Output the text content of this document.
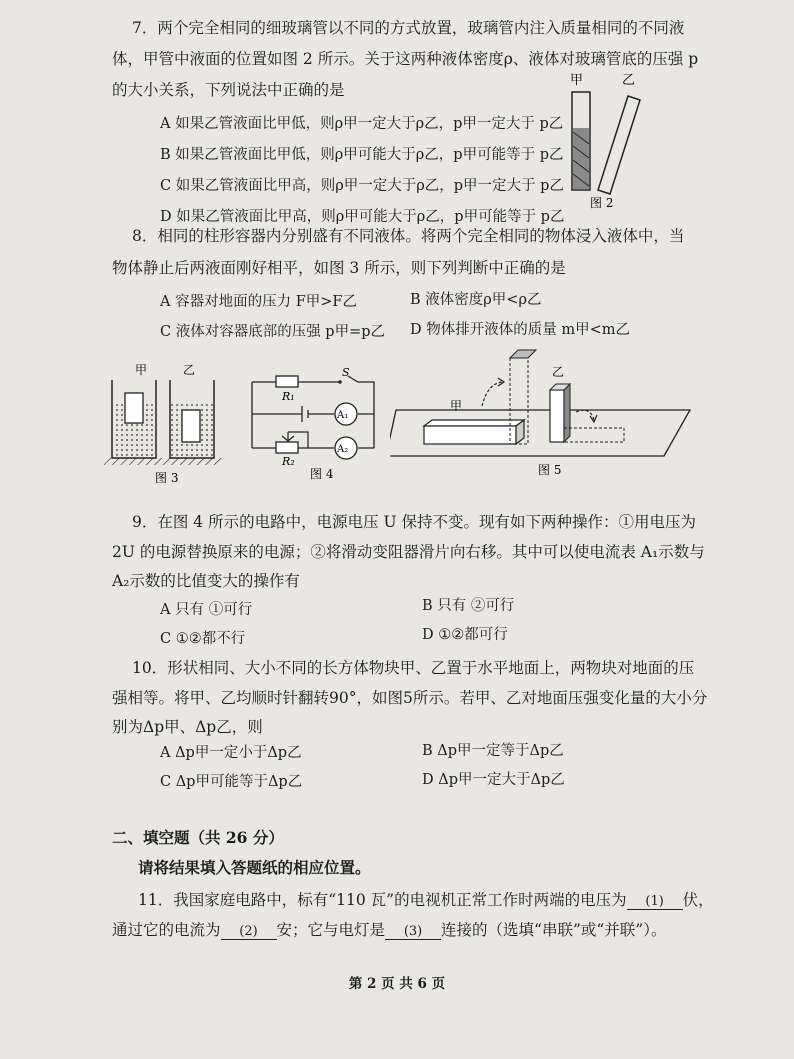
7．两个完全相同的细玻璃管以不同的方式放置，玻璃管内注入质量相同的不同液
体，甲管中液面的位置如图 2 所示。关于这两种液体密度ρ、液体对玻璃管底的压强 p
的大小关系，下列说法中正确的是
A 如果乙管液面比甲低，则ρ甲一定大于ρ乙，p甲一定大于 p乙
B 如果乙管液面比甲低，则ρ甲可能大于ρ乙，p甲可能等于 p乙
C 如果乙管液面比甲高，则ρ甲一定大于ρ乙，p甲一定大于 p乙
D 如果乙管液面比甲高，则ρ甲可能大于ρ乙，p甲可能等于 p乙
甲	乙
图 2
8．相同的柱形容器内分别盛有不同液体。将两个完全相同的物体浸入液体中，当
物体静止后两液面刚好相平，如图 3 所示，则下列判断中正确的是
A 容器对地面的压力 F甲>F乙	B 液体密度ρ甲<ρ乙
C 液体对容器底部的压强 p甲=p乙 D 物体排开液体的质量 m甲<m乙
甲	乙
图 3
S
R₁
A₁
A₂
R₂
图 4
甲
乙
图 5
9．在图 4 所示的电路中，电源电压 U 保持不变。现有如下两种操作：①用电压为
2U 的电源替换原来的电源；②将滑动变阻器滑片向右移。其中可以使电流表 A₁示数与
A₂示数的比值变大的操作有
A 只有 ①可行	B 只有 ②可行
C ①②都不行	D ①②都可行
10．形状相同、大小不同的长方体物块甲、乙置于水平地面上，两物块对地面的压
强相等。将甲、乙均顺时针翻转90°，如图5所示。若甲、乙对地面压强变化量的大小分
别为Δp甲、Δp乙，则
A Δp甲一定小于Δp乙	B Δp甲一定等于Δp乙
C Δp甲可能等于Δp乙	D Δp甲一定大于Δp乙
二、填空题（共 26 分）
请将结果填入答题纸的相应位置。
11．我国家庭电路中，标有“110 瓦”的电视机正常工作时两端的电压为 (1) 伏，
通过它的电流为 (2) 安；它与电灯是 (3) 连接的（选填“串联”或“并联”）。
第 2 页 共 6 页
